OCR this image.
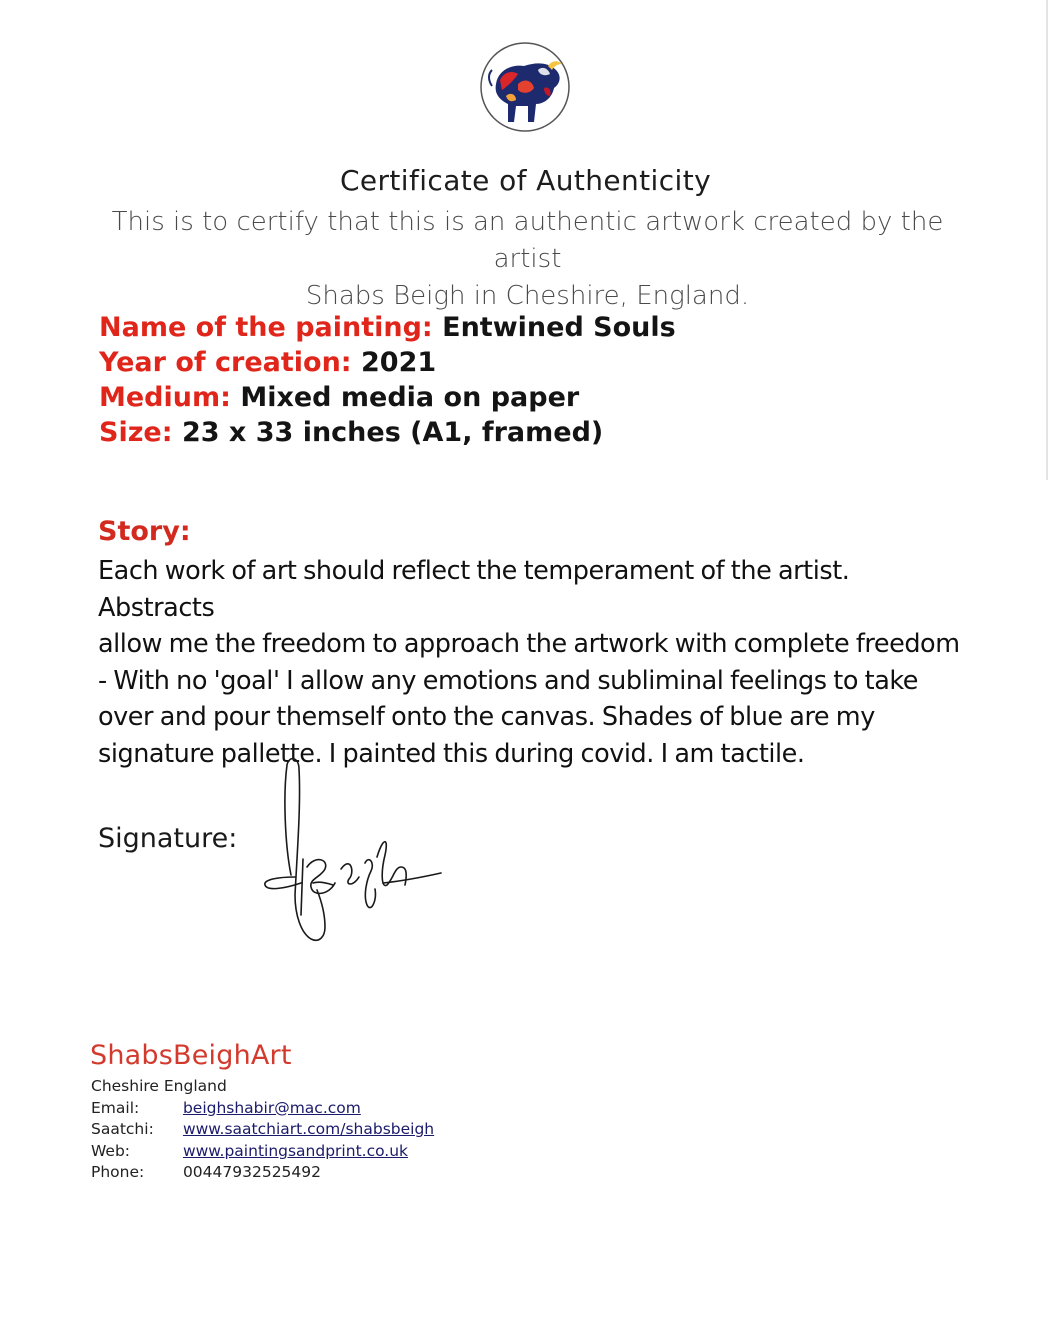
Certificate of Authenticity
This is to certify that this is an authentic artwork created by the artist
Shabs Beigh in Cheshire, England.
Name of the painting: Entwined Souls
Year of creation: 2021
Medium: Mixed media on paper
Size: 23 x 33 inches (A1, framed)
Story:
Each work of art should reflect the temperament of the artist. Abstracts
allow me the freedom to approach the artwork with complete freedom
- With no 'goal' I allow any emotions and subliminal feelings to take
over and pour themself onto the canvas. Shades of blue are my
signature pallette. I painted this during covid. I am tactile.
Signature:
ShabsBeighArt
Cheshire England
Email:	beighshabir@mac.com
Saatchi: www.saatchiart.com/shabsbeigh
Web:	www.paintingsandprint.co.uk
Phone: 00447932525492
